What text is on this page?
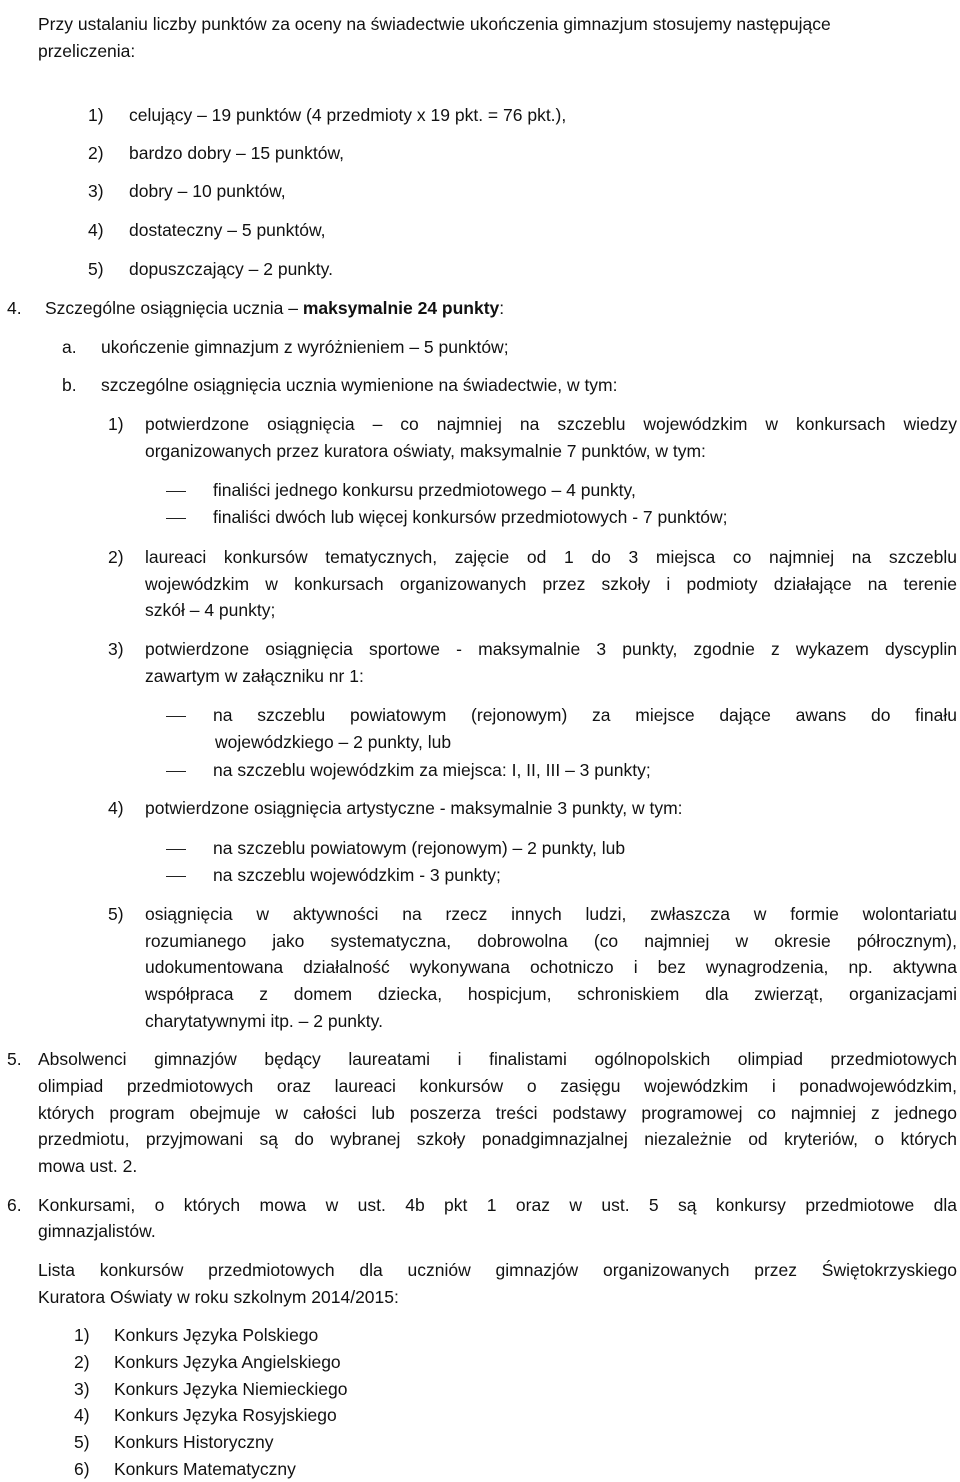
Przy ustalaniu liczby punktów za oceny na świadectwie ukończenia gimnazjum stosujemy następujące
przeliczenia:
1) celujący – 19 punktów (4 przedmioty x 19 pkt. = 76 pkt.),
2) bardzo dobry – 15 punktów,
3) dobry – 10 punktów,
4) dostateczny – 5 punktów,
5) dopuszczający – 2 punkty.
4. Szczególne osiągnięcia ucznia – maksymalnie 24 punkty:
a. ukończenie gimnazjum z wyróżnieniem – 5 punktów;
b. szczególne osiągnięcia ucznia wymienione na świadectwie, w tym:
1) potwierdzone osiągnięcia – co najmniej na szczeblu wojewódzkim w konkursach wiedzy
organizowanych przez kuratora oświaty, maksymalnie 7 punktów, w tym:
finaliści jednego konkursu przedmiotowego – 4 punkty,
finaliści dwóch lub więcej konkursów przedmiotowych - 7 punktów;
2) laureaci konkursów tematycznych, zajęcie od 1 do 3 miejsca co najmniej na szczeblu
wojewódzkim w konkursach organizowanych przez szkoły i podmioty działające na terenie
szkół – 4 punkty;
3) potwierdzone osiągnięcia sportowe - maksymalnie 3 punkty, zgodnie z wykazem dyscyplin
zawartym w załączniku nr 1:
na szczeblu powiatowym (rejonowym) za miejsce dające awans do finału
wojewódzkiego – 2 punkty, lub
na szczeblu wojewódzkim za miejsca: I, II, III – 3 punkty;
4) potwierdzone osiągnięcia artystyczne - maksymalnie 3 punkty, w tym:
na szczeblu powiatowym (rejonowym) – 2 punkty, lub
na szczeblu wojewódzkim - 3 punkty;
5) osiągnięcia w aktywności na rzecz innych ludzi, zwłaszcza w formie wolontariatu
rozumianego jako systematyczna, dobrowolna (co najmniej w okresie półrocznym),
udokumentowana działalność wykonywana ochotniczo i bez wynagrodzenia, np. aktywna
współpraca z domem dziecka, hospicjum, schroniskiem dla zwierząt, organizacjami
charytatywnymi itp. – 2 punkty.
5. Absolwenci gimnazjów będący laureatami i finalistami ogólnopolskich olimpiad przedmiotowych
olimpiad przedmiotowych oraz laureaci konkursów o zasięgu wojewódzkim i ponadwojewódzkim,
których program obejmuje w całości lub poszerza treści podstawy programowej co najmniej z jednego
przedmiotu, przyjmowani są do wybranej szkoły ponadgimnazjalnej niezależnie od kryteriów, o których
mowa ust. 2.
6. Konkursami, o których mowa w ust. 4b pkt 1 oraz w ust. 5 są konkursy przedmiotowe dla
gimnazjalistów.
Lista konkursów przedmiotowych dla uczniów gimnazjów organizowanych przez Świętokrzyskiego
Kuratora Oświaty w roku szkolnym 2014/2015:
1) Konkurs Języka Polskiego
2) Konkurs Języka Angielskiego
3) Konkurs Języka Niemieckiego
4) Konkurs Języka Rosyjskiego
5) Konkurs Historyczny
6) Konkurs Matematyczny
